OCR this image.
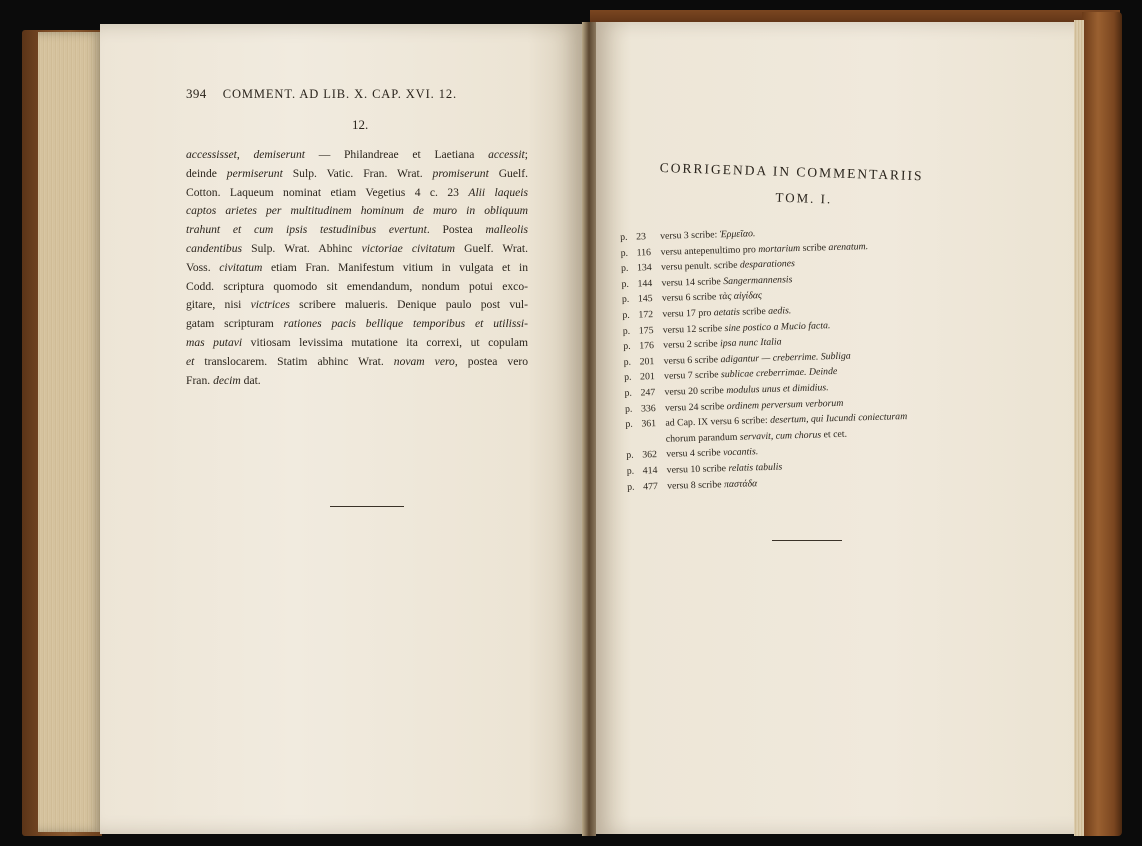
394 COMMENT. AD LIB. X. CAP. XVI. 12.
12.
accessisset, demiserunt — Philandreae et Laetiana accessit;
deinde permiserunt Sulp. Vatic. Fran. Wrat. promiserunt Guelf.
Cotton. Laqueum nominat etiam Vegetius 4 c. 23 Alii laqueis
captos arietes per multitudinem hominum de muro in obliquum
trahunt et cum ipsis testudinibus evertunt. Postea malleolis
candentibus Sulp. Wrat. Abhinc victoriae civitatum Guelf. Wrat.
Voss. civitatum etiam Fran. Manifestum vitium in vulgata et in
Codd. scriptura quomodo sit emendandum, nondum potui exco-
gitare, nisi victrices scribere malueris. Denique paulo post vul-
gatam scripturam rationes pacis bellique temporibus et utilissi-
mas putavi vitiosam levissima mutatione ita correxi, ut copulam
et translocarem. Statim abhinc Wrat. novam vero, postea vero
Fran. decim dat.
CORRIGENDA IN COMMENTARIIS
TOM. I.
p. 23 versu 3 scribe: Ἑρμεῖαο.
p. 116 versu antepenultimo pro mortarium scribe arenatum.
p. 134 versu penult. scribe desparationes
p. 144 versu 14 scribe Sangermannensis
p. 145 versu 6 scribe τὰς αἰγίδας
p. 172 versu 17 pro aetatis scribe aedis.
p. 175 versu 12 scribe sine postico a Mucio facta.
p. 176 versu 2 scribe ipsa nunc Italia
p. 201 versu 6 scribe adigantur — creberrime. Subliga
p. 201 versu 7 scribe sublicae creberrimae. Deinde
p. 247 versu 20 scribe modulus unus et dimidius.
p. 336 versu 24 scribe ordinem perversum verborum
p. 361 ad Cap. IX versu 6 scribe: desertum, qui Iucundi coniecturam
chorum parandum servavit, cum chorus et cet.
p. 362 versu 4 scribe vocantis.
p. 414 versu 10 scribe relatis tabulis
p. 477 versu 8 scribe παστάδα
